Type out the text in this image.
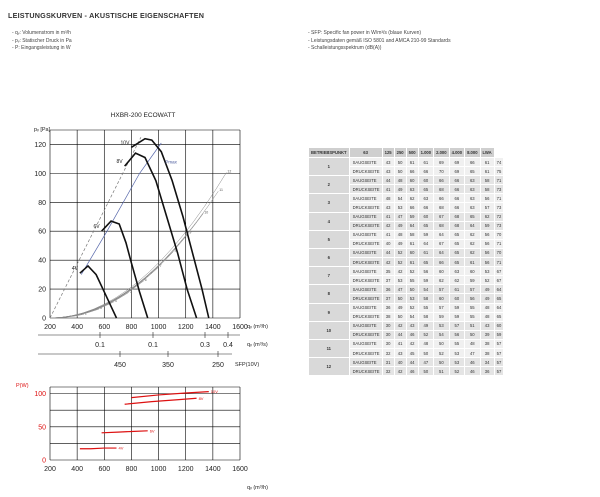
LEISTUNGSKURVEN - AKUSTISCHE EIGENSCHAFTEN
- qᵥ: Volumenstrom in m³/h
- pᵥ: Statischer Druck in Pa
- P: Eingangsleistung in W
- SFP: Specific fan power in W/m³/s (blaue Kurven)
- Leistungsdaten gemäß ISO 5801 and AMCA 210-99 Standards
- Schalleistungsspektrum (dB(A))
HXBR-200 ECOWATT
pᵥ [Pa]
qᵥ (m³/h)
200 400 600 800 1000 1200 1400 1600
0
20
40
60
80
100
120
2
3
4
5
6
7
8
9
10
11
12
10V
8V
6V
4V
Pmax
qᵥ (m³/s)
SFP(10V)
0.1	0.1	0.3 0.4
450	350	250
P(W)
qᵥ (m³/h)
200 400 600 800 1000 1200 1400 1600
0
50
100	10V
8V
6V
4V
BETRIEBSPUNKT	63	125	250	500	1.000	2.000	4.000	8.000	LWA	
1	SAUGSEITE	43	50	61	61	69	69	66	61	74
	DRUCKSEITE	43	50	66	66	70	69	65	61	75
2	SAUGSEITE	44	48	60	60	66	66	63	58	71
	DRUCKSEITE	41	49	63	65	68	66	63	58	73
3	SAUGSEITE	48	54	62	63	66	66	63	56	71
	DRUCKSEITE	43	53	66	66	68	66	63	57	73
4	SAUGSEITE	41	47	59	60	67	68	65	62	72
	DRUCKSEITE	42	49	64	65	68	68	64	59	73
5	SAUGSEITE	41	48	58	59	64	65	62	56	70
	DRUCKSEITE	40	49	61	64	67	65	62	56	71
6	SAUGSEITE	44	52	60	61	64	65	62	56	70
	DRUCKSEITE	42	52	61	65	66	65	61	56	71
7	SAUGSEITE	35	42	52	56	60	63	60	53	67
	DRUCKSEITE	37	53	55	59	62	62	59	52	67
8	SAUGSEITE	36	47	50	54	57	61	57	49	64
	DRUCKSEITE	37	50	53	58	60	60	56	49	65
9	SAUGSEITE	36	49	52	55	57	59	55	48	64
	DRUCKSEITE	38	50	54	58	59	59	55	48	65
10	SAUGSEITE	30	42	43	49	53	57	51	43	60
	DRUCKSEITE	30	44	46	52	54	56	50	39	59
11	SAUGSEITE	30	41	42	48	50	55	48	38	57
	DRUCKSEITE	32	43	45	50	52	53	47	38	57
12	SAUGSEITE	31	40	44	47	50	53	46	34	57
	DRUCKSEITE	32	42	46	50	51	52	46	36	57
